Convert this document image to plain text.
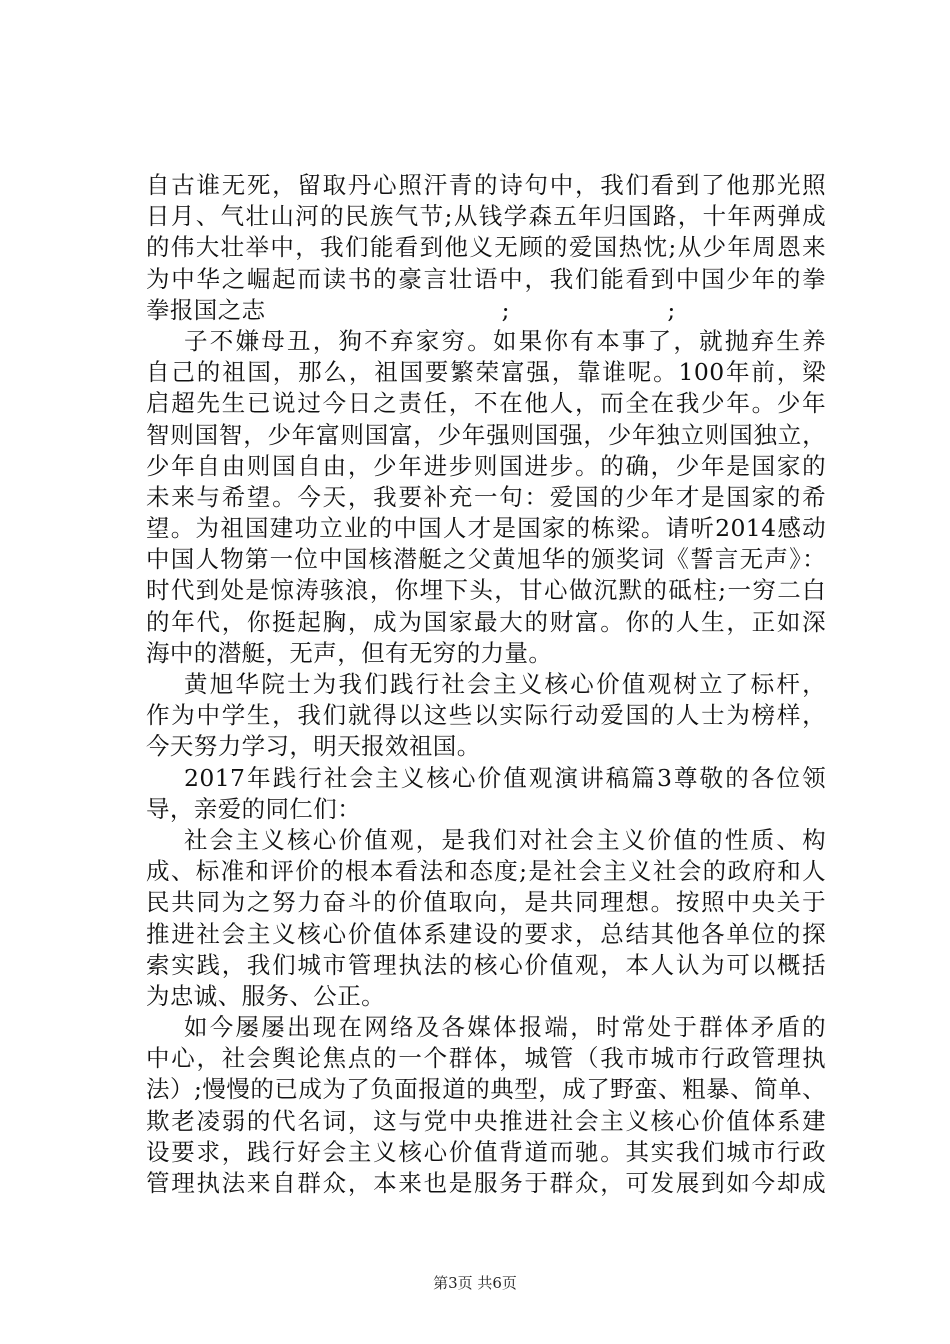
自古谁无死，留取丹心照汗青的诗句中，我们看到了他那光照
日月、气壮山河的民族气节;从钱学森五年归国路，十年两弹成
的伟大壮举中，我们能看到他义无顾的爱国热忱;从少年周恩来
为中华之崛起而读书的豪言壮语中，我们能看到中国少年的拳
拳报国之志                              ;                    ;
子不嫌母丑，狗不弃家穷。如果你有本事了，就抛弃生养
自己的祖国，那么，祖国要繁荣富强，靠谁呢。100年前，梁
启超先生已说过今日之责任，不在他人，而全在我少年。少年
智则国智，少年富则国富，少年强则国强，少年独立则国独立，
少年自由则国自由，少年进步则国进步。的确，少年是国家的
未来与希望。今天，我要补充一句：爱国的少年才是国家的希
望。为祖国建功立业的中国人才是国家的栋梁。请听2014感动
中国人物第一位中国核潜艇之父黄旭华的颁奖词《誓言无声》：
时代到处是惊涛骇浪，你埋下头，甘心做沉默的砥柱;一穷二白
的年代，你挺起胸，成为国家最大的财富。你的人生，正如深
海中的潜艇，无声，但有无穷的力量。
黄旭华院士为我们践行社会主义核心价值观树立了标杆，
作为中学生，我们就得以这些以实际行动爱国的人士为榜样，
今天努力学习，明天报效祖国。
2017年践行社会主义核心价值观演讲稿篇3尊敬的各位领
导，亲爱的同仁们：
社会主义核心价值观，是我们对社会主义价值的性质、构
成、标准和评价的根本看法和态度;是社会主义社会的政府和人
民共同为之努力奋斗的价值取向，是共同理想。按照中央关于
推进社会主义核心价值体系建设的要求，总结其他各单位的探
索实践，我们城市管理执法的核心价值观，本人认为可以概括
为忠诚、服务、公正。
如今屡屡出现在网络及各媒体报端，时常处于群体矛盾的
中心，社会舆论焦点的一个群体，城管（我市城市行政管理执
法）;慢慢的已成为了负面报道的典型，成了野蛮、粗暴、简单、
欺老凌弱的代名词，这与党中央推进社会主义核心价值体系建
设要求，践行好会主义核心价值背道而驰。其实我们城市行政
管理执法来自群众，本来也是服务于群众，可发展到如今却成
第3页 共6页
